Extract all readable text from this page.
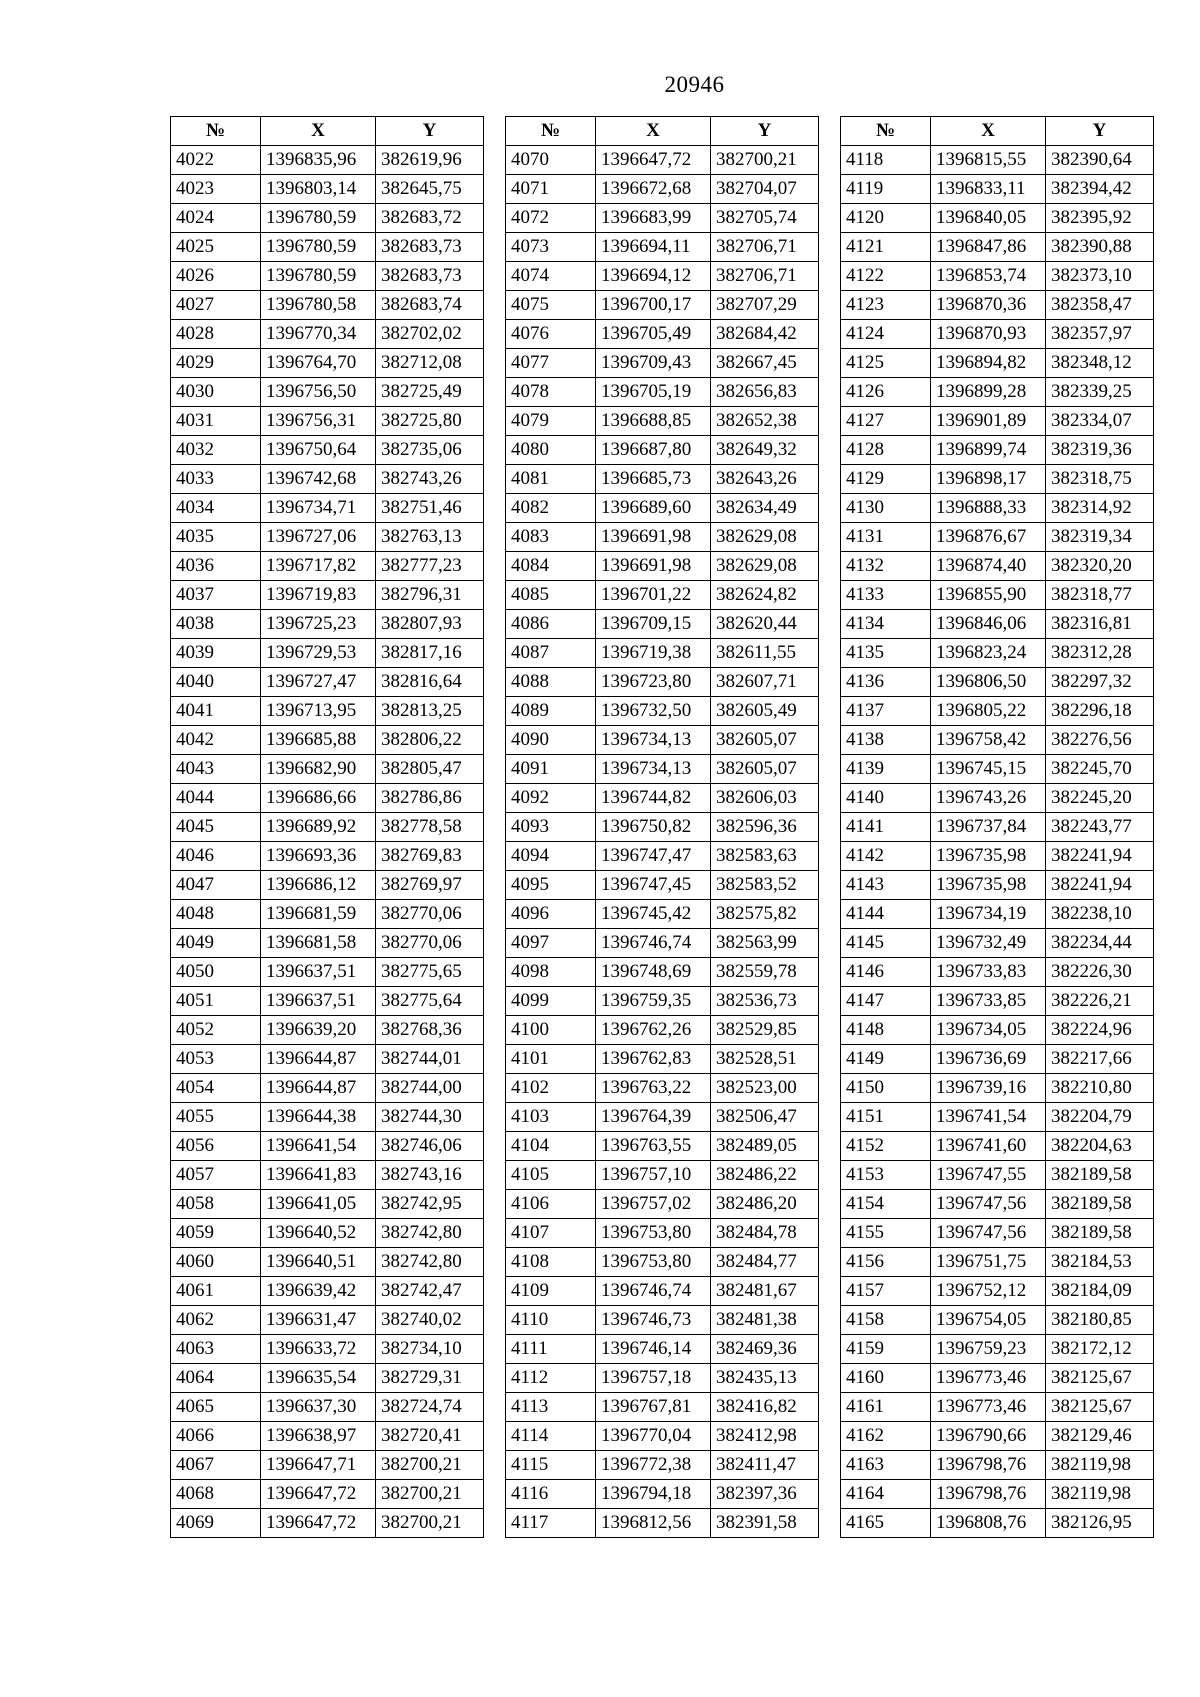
20946
№	X	Y
4022	1396835,96	382619,96
4023	1396803,14	382645,75
4024	1396780,59	382683,72
4025	1396780,59	382683,73
4026	1396780,59	382683,73
4027	1396780,58	382683,74
4028	1396770,34	382702,02
4029	1396764,70	382712,08
4030	1396756,50	382725,49
4031	1396756,31	382725,80
4032	1396750,64	382735,06
4033	1396742,68	382743,26
4034	1396734,71	382751,46
4035	1396727,06	382763,13
4036	1396717,82	382777,23
4037	1396719,83	382796,31
4038	1396725,23	382807,93
4039	1396729,53	382817,16
4040	1396727,47	382816,64
4041	1396713,95	382813,25
4042	1396685,88	382806,22
4043	1396682,90	382805,47
4044	1396686,66	382786,86
4045	1396689,92	382778,58
4046	1396693,36	382769,83
4047	1396686,12	382769,97
4048	1396681,59	382770,06
4049	1396681,58	382770,06
4050	1396637,51	382775,65
4051	1396637,51	382775,64
4052	1396639,20	382768,36
4053	1396644,87	382744,01
4054	1396644,87	382744,00
4055	1396644,38	382744,30
4056	1396641,54	382746,06
4057	1396641,83	382743,16
4058	1396641,05	382742,95
4059	1396640,52	382742,80
4060	1396640,51	382742,80
4061	1396639,42	382742,47
4062	1396631,47	382740,02
4063	1396633,72	382734,10
4064	1396635,54	382729,31
4065	1396637,30	382724,74
4066	1396638,97	382720,41
4067	1396647,71	382700,21
4068	1396647,72	382700,21
4069	1396647,72	382700,21
№	X	Y
4070	1396647,72	382700,21
4071	1396672,68	382704,07
4072	1396683,99	382705,74
4073	1396694,11	382706,71
4074	1396694,12	382706,71
4075	1396700,17	382707,29
4076	1396705,49	382684,42
4077	1396709,43	382667,45
4078	1396705,19	382656,83
4079	1396688,85	382652,38
4080	1396687,80	382649,32
4081	1396685,73	382643,26
4082	1396689,60	382634,49
4083	1396691,98	382629,08
4084	1396691,98	382629,08
4085	1396701,22	382624,82
4086	1396709,15	382620,44
4087	1396719,38	382611,55
4088	1396723,80	382607,71
4089	1396732,50	382605,49
4090	1396734,13	382605,07
4091	1396734,13	382605,07
4092	1396744,82	382606,03
4093	1396750,82	382596,36
4094	1396747,47	382583,63
4095	1396747,45	382583,52
4096	1396745,42	382575,82
4097	1396746,74	382563,99
4098	1396748,69	382559,78
4099	1396759,35	382536,73
4100	1396762,26	382529,85
4101	1396762,83	382528,51
4102	1396763,22	382523,00
4103	1396764,39	382506,47
4104	1396763,55	382489,05
4105	1396757,10	382486,22
4106	1396757,02	382486,20
4107	1396753,80	382484,78
4108	1396753,80	382484,77
4109	1396746,74	382481,67
4110	1396746,73	382481,38
4111	1396746,14	382469,36
4112	1396757,18	382435,13
4113	1396767,81	382416,82
4114	1396770,04	382412,98
4115	1396772,38	382411,47
4116	1396794,18	382397,36
4117	1396812,56	382391,58
№	X	Y
4118	1396815,55	382390,64
4119	1396833,11	382394,42
4120	1396840,05	382395,92
4121	1396847,86	382390,88
4122	1396853,74	382373,10
4123	1396870,36	382358,47
4124	1396870,93	382357,97
4125	1396894,82	382348,12
4126	1396899,28	382339,25
4127	1396901,89	382334,07
4128	1396899,74	382319,36
4129	1396898,17	382318,75
4130	1396888,33	382314,92
4131	1396876,67	382319,34
4132	1396874,40	382320,20
4133	1396855,90	382318,77
4134	1396846,06	382316,81
4135	1396823,24	382312,28
4136	1396806,50	382297,32
4137	1396805,22	382296,18
4138	1396758,42	382276,56
4139	1396745,15	382245,70
4140	1396743,26	382245,20
4141	1396737,84	382243,77
4142	1396735,98	382241,94
4143	1396735,98	382241,94
4144	1396734,19	382238,10
4145	1396732,49	382234,44
4146	1396733,83	382226,30
4147	1396733,85	382226,21
4148	1396734,05	382224,96
4149	1396736,69	382217,66
4150	1396739,16	382210,80
4151	1396741,54	382204,79
4152	1396741,60	382204,63
4153	1396747,55	382189,58
4154	1396747,56	382189,58
4155	1396747,56	382189,58
4156	1396751,75	382184,53
4157	1396752,12	382184,09
4158	1396754,05	382180,85
4159	1396759,23	382172,12
4160	1396773,46	382125,67
4161	1396773,46	382125,67
4162	1396790,66	382129,46
4163	1396798,76	382119,98
4164	1396798,76	382119,98
4165	1396808,76	382126,95
